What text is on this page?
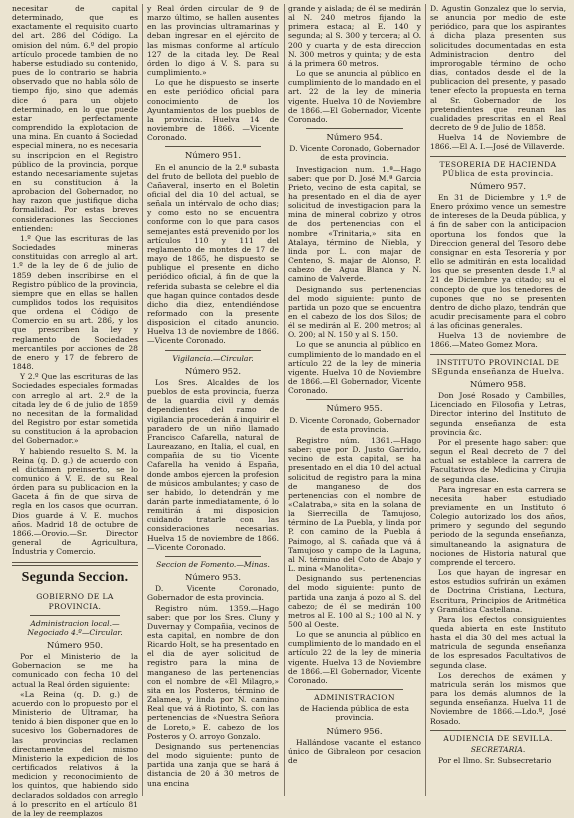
necesitar de capital determinado, que es exactamente el requisito cuarto del art. 286 del Código. La omision del núm. 6.º del propio artículo procede tambien de no haberse estudiado su contenido, pues de lo contrario se habria observado que no habla sólo de tiempo fijo, sino que además dice ó para un objeto determinado, en lo que puede estar perfectamente comprendido la explotacion de una mina. En cuanto á Sociedad especial minera, no es necesaria su inscripcion en el Registro público de la provincia, porque estando necesariamente sujetas en su constitucion á la aprobacion del Gobernador, no hay razon que justifique dicha formalidad. Por estas breves consideraciones las Secciones entienden:

1.º Que las escrituras de las Sociedades mineras constituidas con arreglo al art. 1.º de la ley de 6 de julio de 1859 deben inscribirse en el Registro público de la provincia, siempre que en ellas se hallen cumplidos todos los requisitos que ordena el Código de Comercio en su art. 286, y los que prescriben la ley y reglamento de Sociedades mercantiles por acciones de 28 de enero y 17 de febrero de 1848.

Y 2.º Que las escrituras de las Sociedades especiales formadas con arreglo al art. 2.º de la citada ley de 6 de julio de 1859 no necesitan de la formalidad del Registro por estar sometida su constitucion á la aprobacion del Gobernador.»

Y habiendo resuelto S. M. la Reina (q. D. g.) de acuerdo con el dictámen preinserto, se lo comunico á V. E. de su Real órden para su publicacion en la Gaceta á fin de que sirva de regla en los casos que ocurran. Dios guarde á V. E. muchos años. Madrid 18 de octubre de 1866.—Orovio.—Sr. Director general de Agricultura, Industria y Comercio.

Segunda Seccion.
GOBIERNO DE LA PROVINCIA.

Administracion local.—Negociado 4.º—Circular.

Número 950.

Por el Ministerio de la Gobernacion se me ha comunicado con fecha 10 del actual la Real órden siguiente:

«La Reina (q. D. g.) de acuerdo con lo propuesto por el Ministerio de Ultramar, ha tenido á bien disponer que en lo sucesivo los Gobernadores de las provincias reclamen directamente del mismo Ministerio la expedicion de los certificados relativos á la medicion y reconocimiento de los quintos, que habiendo sido declarados soldados con arreglo á lo prescrito en el artículo 81 de la ley de reemplazos

y Real órden circular de 9 de marzo último, se hallen ausentes en las provincias ultramarinas y deban ingresar en el ejército de las mismas conforme al artículo 127 de la citada ley. De Real órden lo digo á V. S. para su cumplimiento.»

Lo que he dispuesto se inserte en este periódico oficial para conocimiento de los Ayuntamientos de los pueblos de la provincia. Huelva 14 de noviembre de 1866. —Vicente Coronado.

Número 951.

En el anuncio de la 2.ª subasta del fruto de bellota del pueblo de Cañaveral, inserto en el Boletin oficial del dia 10 del actual, se señala un intérvalo de ocho dias; y como esto no se encuentra conforme con lo que para casos semejantes está prevenido por los artículos 110 y 111 del reglamento de montes de 17 de mayo de 1865, he dispuesto se publique el presente en dicho periódico oficial, á fin de que la referida subasta se celebre el dia que hagan quince contados desde dicho dia diez, entendiéndose reformado con la presente disposicion el citado anuncio. Huelva 13 de noviembre de 1866.—Vicente Coronado.

Vigilancia.—Circular.

Número 952.

Los Sres. Alcaldes de los pueblos de esta provincia, fuerza de la guardia civil y demás dependientes del ramo de vigilancia procederán á inquirir el paradero de un niño llamado Francisco Cafarella, natural de Laureazano, en Italia, el cual, en compañia de su tio Vicente Cafarella ha venido á España, donde ambos ejercen la profesion de músicos ambulantes; y caso de ser habido, lo detendrán y me darán parte inmediatamente, ó lo remitirán á mi disposicion cuidando tratarle con las consideraciones necesarias. Huelva 15 de noviembre de 1866.—Vicente Coronado.

Seccion de Fomento.—Minas.

Número 953.

D. Vicente Coronado, Gobernador de esta provincia.

Registro núm. 1359.—Hago saber: que por los Sres. Cluny y Duvernay y Compañia, vecinos de esta capital, en nombre de don Ricardo Holt, se ha presentado en el dia de ayer solicitud de registro para la mina de manganeso de las pertenencias con el nombre de «El Milagro,» sita en los Posteros, término de Zalamea, y linda por N. camino Real que vá á Riotinto, S. con las pertenencias de «Nuestra Señora de Loreto,» E. cabezo de los Posteros y O. arroyo Gonzalo.

Designando sus pertenencias del modo siguiente: punto de partida una zanja que se hará á distancia de 20 á 30 metros de una encina

grande y aislada; de él se medirán al N. 240 metros fijando la primera estaca; al E. 140 y segunda; al S. 300 y tercera; al O. 200 y cuarta y de esta direccion N. 300 metros y quinta; y de esta á la primera 60 metros.

Lo que se anuncia al público en cumplimiento de lo mandado en el art. 22 de la ley de mineria vigente. Huelva 10 de Noviembre de 1866.—El Gobernador, Vicente Coronado.

Número 954.

D. Vicente Coronado, Gobernador de esta provincia.

Investigacion num. 1.ª—Hago saber: que por D. José M.ª Garcia Prieto, vecino de esta capital, se ha presentado en el dia de ayer solicitud de investigacion para la mina de mineral cobrizo y otros de dos pertenencias con el nombre «Trinitaria,» sita en Atalaya, término de Niebla, y linda por L. con majar de Centeno, S. majar de Alonso, P. cabezo de Agua Blanca y N. camino de Valverde.

Designando sus pertenencias del modo siguiente: punto de partida un pozo que se encuentra en el cabezo de los dos Silos; de él se medirán al E. 200 metros; al O. 200; al N. 150 y al S. 150.

Lo que se anuncia al público en cumplimiento de lo mandado en el artículo 22 de la ley de mineria vigente. Huelva 10 de Noviembre de 1866.—El Gobernador, Vicente Coronado.

Número 955.

D. Vicente Coronado, Gobernador de esta provincia.

Registro núm. 1361.—Hago saber: que por D. Justo Garrido, vecino de esta capital, se ha presentado en el dia 10 del actual solicitud de registro para la mina de manganeso de dos pertenencias con el nombre de «Calatraba,» sita en la solana de la Sierrecilla de Tamujoso, término de La Puebla, y linda por P. con camino de la Puebla á Paimogo, al S. cañada que vá á Tamujoso y campo de la Laguna, al N. término del Coto de Abajo y L. mina «Manolita».

Designando sus pertenencias del modo siguiente: punto de partida una zanja á pozo al S. del cabezo; de él se medirán 100 metros al E. 100 al S.; 100 al N. y 500 al Oeste.

Lo que se anuncia al público en cumplimiento de lo mandado en el artículo 22 de la ley de mineria vigente. Huelva 13 de Noviembre de 1866.—El Gobernador, Vicente Coronado.

ADMINISTRACION

de Hacienda pública de esta provincia.

Número 956.

Hallándose vacante el estanco único de Gibraleon por cesacion de

D. Agustin Gonzalez que lo servia, se anuncia por medio de este periódico, para que los aspirantes á dicha plaza presenten sus solicitudes documentadas en esta Administracion dentro del improrogable término de ocho dias, contados desde el de la publicacion del presente, y pasado tener efecto la propuesta en terna al Sr. Gobernador de los pretendientes que reunan las cualidades prescritas en el Real decreto de 9 de Julio de 1858.

Huelva 14 de Noviembre de 1866.—El A. I.—José de Villaverde.

TESORERIA DE HACIENDA PÚblica de esta provincia.

Número 957.

En 31 de Diciembre y 1.º de Enero próximo vence un semestre de intereses de la Deuda pública, y á fin de saber con la anticipacion oportuna los fondos que la Direccion general del Tesoro debe consignar en esta Tesorería y por ello se admitirán en esta localidad los que se presenten desde 1.º al 21 de Diciembre ya citado; su el concepto de que los tenedores de cupones que no se presenten dentro de dicho plazo, tendrán que acudir precisamente para el cobro á las oficinas generales.

Huelva 13 de noviembre de 1866.—Mateo Gomez Mora.

INSTITUTO PROVINCIAL DE SEgunda enseñanza de Huelva.

Número 958.

Don José Rosado y Cambilles, Licenciado en Filosofia y Letras, Director interino del Instituto de segunda enseñanza de esta provincia &c.

Por el presente hago saber: que segun el Real decreto de 7 del actual se establece la carrera de Facultativos de Medicina y Cirujia de segunda clase.

Para ingresar en esta carrera se necesita haber estudiado previamente en un Instituto ó Colegio autorizado los dos años, primero y segundo del segundo periodo de la segunda enseñanza, simultaneando la asignatura de nociones de Historia natural que comprende el tercero.

Los que hayan de ingresar en estos estudios sufrirán un exámen de Doctrina Cristiana, Lectura, Escritura, Principios de Aritmética y Gramática Castellana.

Para los efectos consiguientes queda abierta en este Instituto hasta el dia 30 del mes actual la matricula de segunda enseñanza de los espresados Facultativos de segunda clase.

Los derechos de exámen y matricula serán los mismos que para los demás alumnos de la segunda enseñanza. Huelva 11 de Noviembre de 1866.—Ldo.º, José Rosado.

AUDIENCIA DE SEVILLA.

SECRETARIA.

Por el Ilmo. Sr. Subsecretario
